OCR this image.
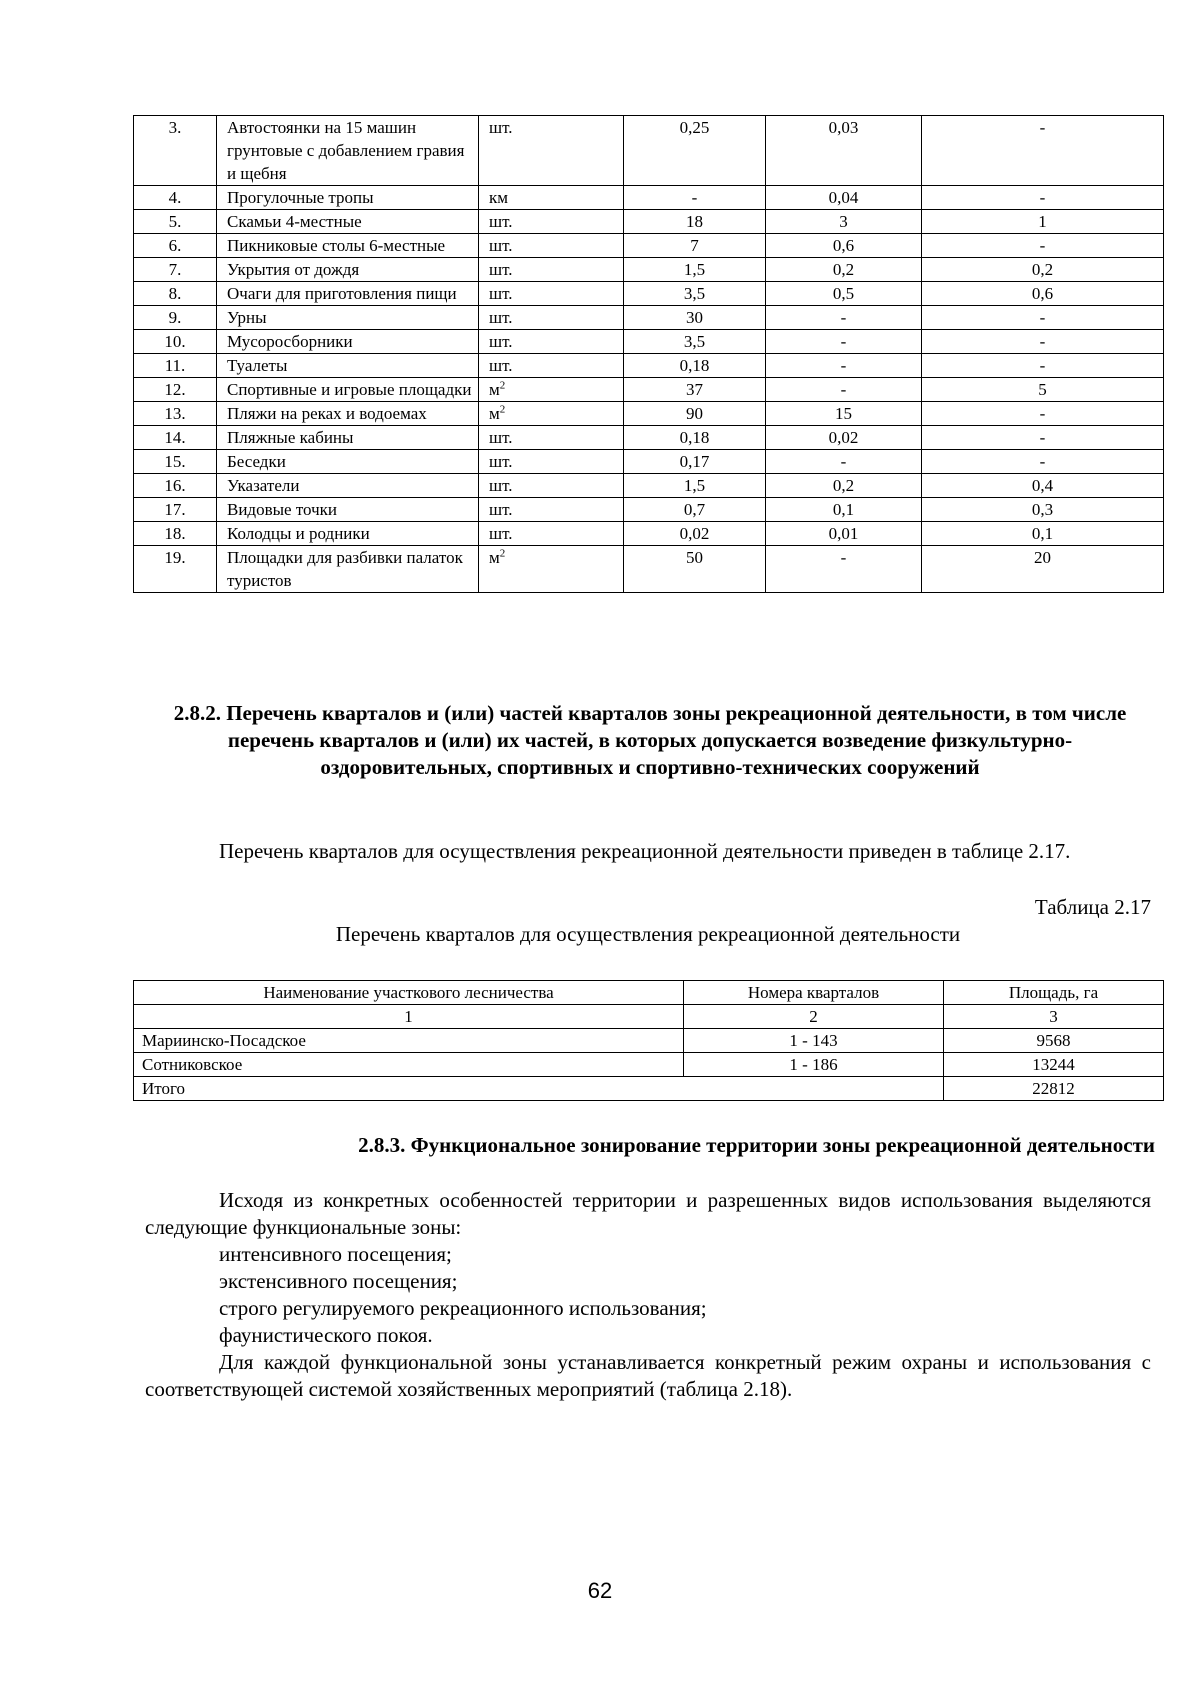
3.	Автостоянки на 15 машин грунтовые с добавлением гравия и щебня	шт.	0,25	0,03	-
4.	Прогулочные тропы	км	-	0,04	-
5.	Скамьи 4-местные	шт.	18	3	1
6.	Пикниковые столы 6-местные	шт.	7	0,6	-
7.	Укрытия от дождя	шт.	1,5	0,2	0,2
8.	Очаги для приготовления пищи	шт.	3,5	0,5	0,6
9.	Урны	шт.	30	-	-
10.	Мусоросборники	шт.	3,5	-	-
11.	Туалеты	шт.	0,18	-	-
12.	Спортивные и игровые площадки	$м^2$	37	-	5
13.	Пляжи на реках и водоемах	$м^2$	90	15	-
14.	Пляжные кабины	шт.	0,18	0,02	-
15.	Беседки	шт.	0,17	-	-
16.	Указатели	шт.	1,5	0,2	0,4
17.	Видовые точки	шт.	0,7	0,1	0,3
18.	Колодцы и родники	шт.	0,02	0,01	0,1
19.	Площадки для разбивки палаток туристов	$м^2$	50	-	20
2.8.2. Перечень кварталов и (или) частей кварталов зоны рекреационной деятельности, в том числе перечень кварталов и (или) их частей, в которых допускается возведение физкультурно-оздоровительных, спортивных и спортивно-технических сооружений
Перечень кварталов для осуществления рекреационной деятельности приведен в таблице 2.17.
Таблица 2.17
Перечень кварталов для осуществления рекреационной деятельности
Наименование участкового лесничества	Номера кварталов	Площадь, га
1	2	3
Мариинско-Посадское	1 - 143	9568
Сотниковское	1 - 186	13244
Итого		22812
2.8.3. Функциональное зонирование территории зоны рекреационной деятельности
Исходя из конкретных особенностей территории и разрешенных видов использования выделяются следующие функциональные зоны:
интенсивного посещения;
экстенсивного посещения;
строго регулируемого рекреационного использования;
фаунистического покоя.
Для каждой функциональной зоны устанавливается конкретный режим охраны и использования с соответствующей системой хозяйственных мероприятий (таблица 2.18).
62
